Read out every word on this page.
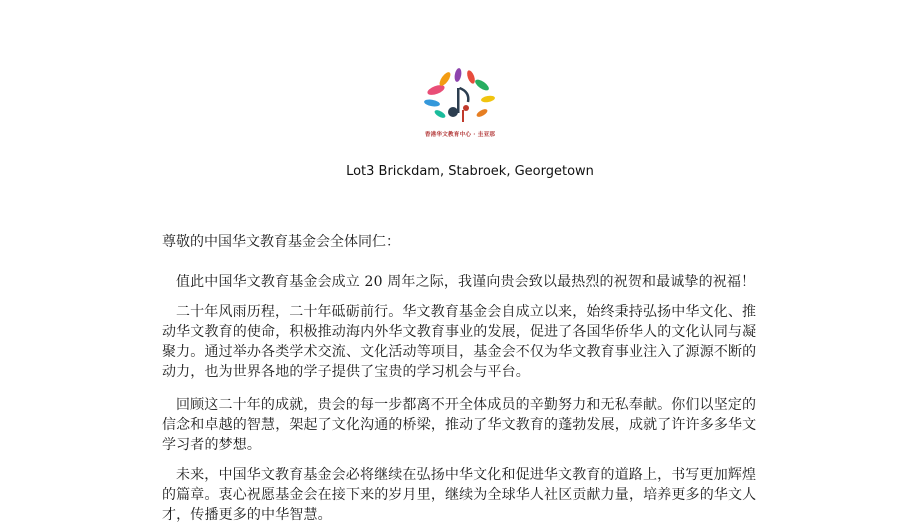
香港华文教育中心 · 圭亚那
Lot3 Brickdam, Stabroek, Georgetown

尊敬的中国华文教育基金会全体同仁：

值此中国华文教育基金会成立 20 周年之际，我谨向贵会致以最热烈的祝贺和最诚挚的祝福！

二十年风雨历程，二十年砥砺前行。华文教育基金会自成立以来，始终秉持弘扬中华文化、推动华文教育的使命，积极推动海内外华文教育事业的发展，促进了各国华侨华人的文化认同与凝聚力。通过举办各类学术交流、文化活动等项目，基金会不仅为华文教育事业注入了源源不断的动力，也为世界各地的学子提供了宝贵的学习机会与平台。

回顾这二十年的成就，贵会的每一步都离不开全体成员的辛勤努力和无私奉献。你们以坚定的信念和卓越的智慧，架起了文化沟通的桥梁，推动了华文教育的蓬勃发展，成就了许许多多华文学习者的梦想。

未来，中国华文教育基金会必将继续在弘扬中华文化和促进华文教育的道路上，书写更加辉煌的篇章。衷心祝愿基金会在接下来的岁月里，继续为全球华人社区贡献力量，培养更多的华文人才，传播更多的中华智慧。
